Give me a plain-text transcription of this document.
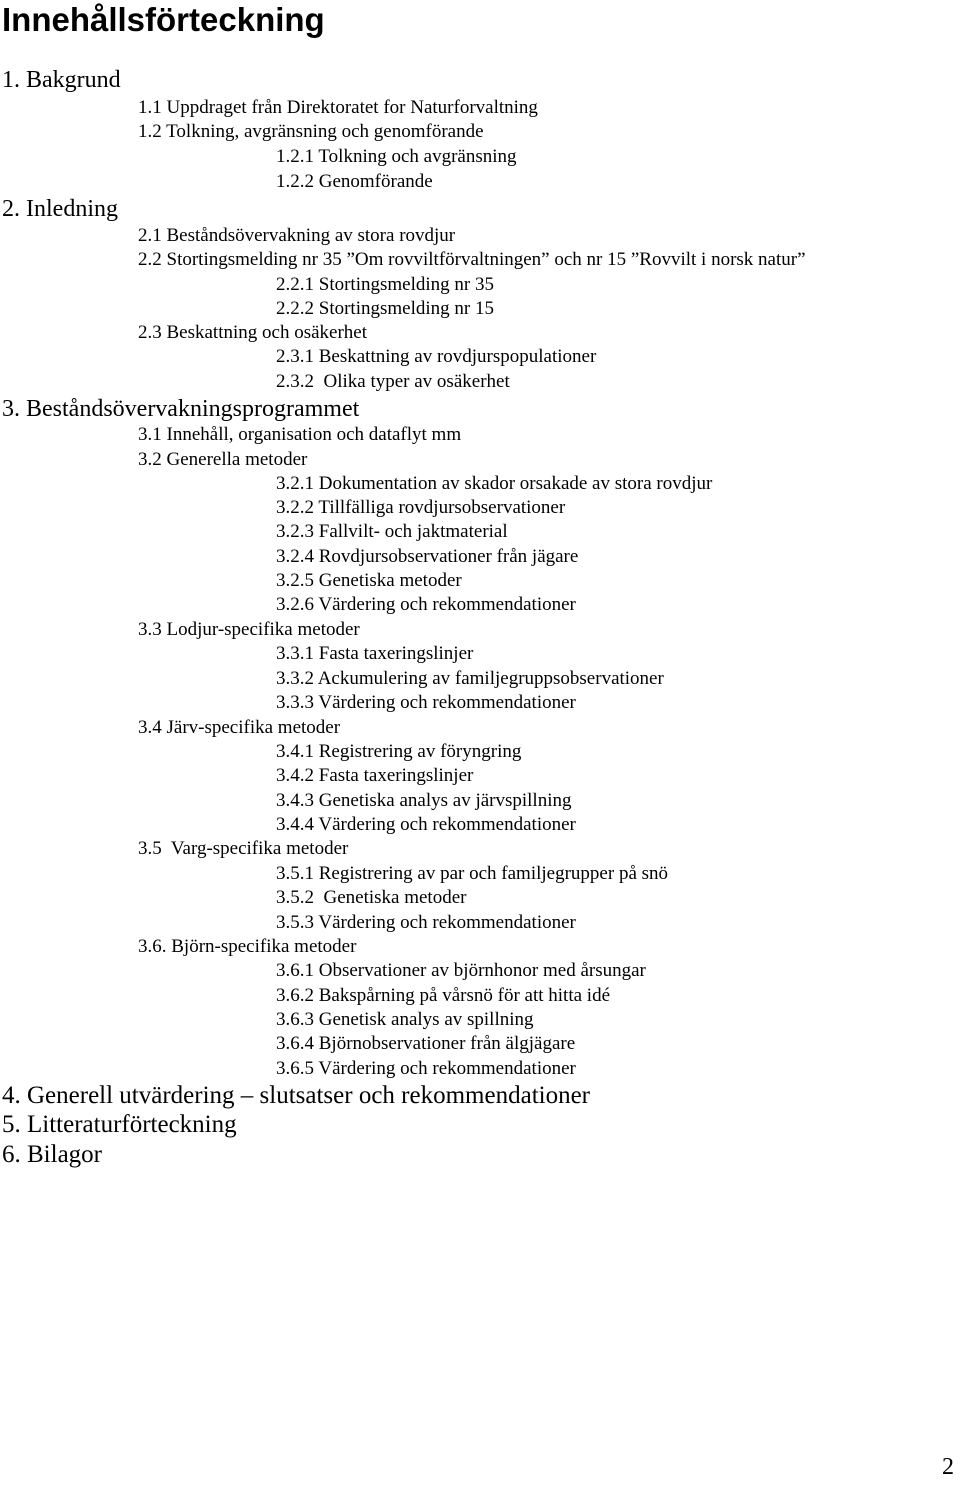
Innehållsförteckning
1. Bakgrund
1.1 Uppdraget från Direktoratet for Naturforvaltning
1.2 Tolkning, avgränsning och genomförande
1.2.1 Tolkning och avgränsning
1.2.2 Genomförande
2. Inledning
2.1 Beståndsövervakning av stora rovdjur
2.2 Stortingsmelding nr 35 ”Om rovviltförvaltningen” och nr 15 ”Rovvilt i norsk natur”
2.2.1 Stortingsmelding nr 35
2.2.2 Stortingsmelding nr 15
2.3 Beskattning och osäkerhet
2.3.1 Beskattning av rovdjurspopulationer
2.3.2  Olika typer av osäkerhet
3. Beståndsövervakningsprogrammet
3.1 Innehåll, organisation och dataflyt mm
3.2 Generella metoder
3.2.1 Dokumentation av skador orsakade av stora rovdjur
3.2.2 Tillfälliga rovdjursobservationer
3.2.3 Fallvilt- och jaktmaterial
3.2.4 Rovdjursobservationer från jägare
3.2.5 Genetiska metoder
3.2.6 Värdering och rekommendationer
3.3 Lodjur-specifika metoder
3.3.1 Fasta taxeringslinjer
3.3.2 Ackumulering av familjegruppsobservationer
3.3.3 Värdering och rekommendationer
3.4 Järv-specifika metoder
3.4.1 Registrering av föryngring
3.4.2 Fasta taxeringslinjer
3.4.3 Genetiska analys av järvspillning
3.4.4 Värdering och rekommendationer
3.5  Varg-specifika metoder
3.5.1 Registrering av par och familjegrupper på snö
3.5.2  Genetiska metoder
3.5.3 Värdering och rekommendationer
3.6. Björn-specifika metoder
3.6.1 Observationer av björnhonor med årsungar
3.6.2 Bakspårning på vårsnö för att hitta idé
3.6.3 Genetisk analys av spillning
3.6.4 Björnobservationer från älgjägare
3.6.5 Värdering och rekommendationer
4. Generell utvärdering – slutsatser och rekommendationer
5. Litteraturförteckning
6. Bilagor
2
